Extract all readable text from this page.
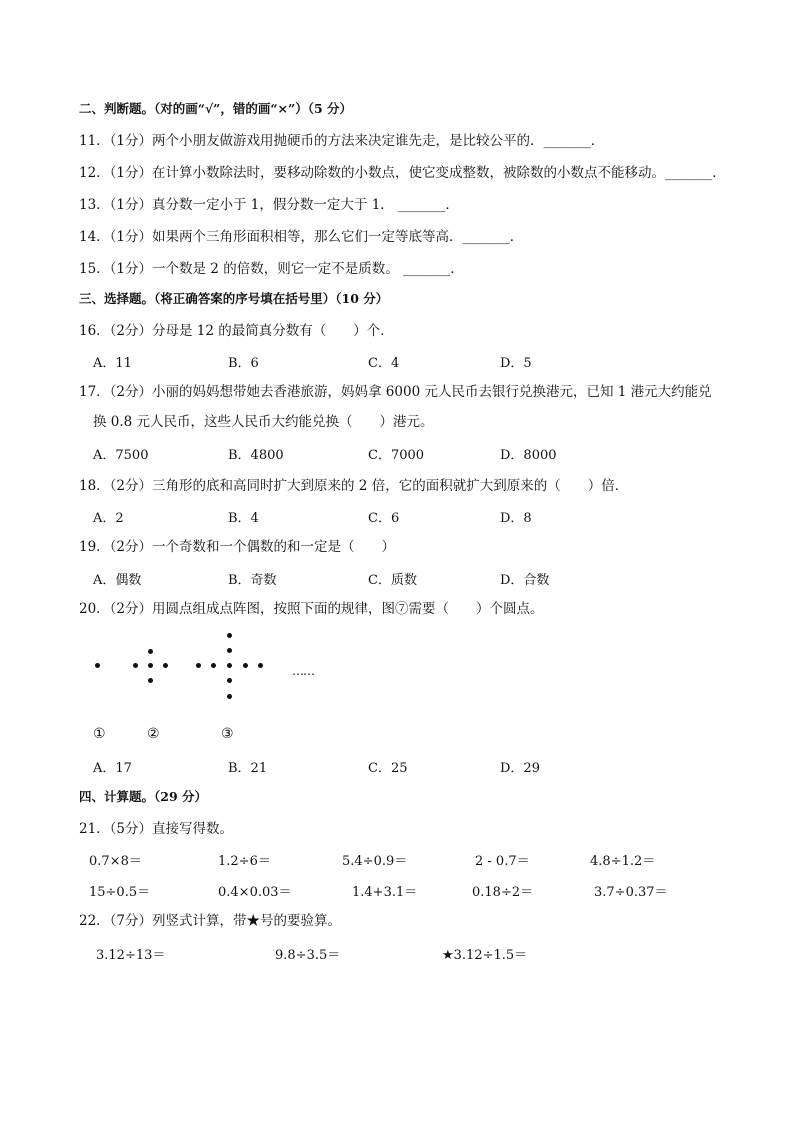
二、判断题。（对的画“√”，错的画“×”）（5 分）
11．（1分）两个小朋友做游戏用抛硬币的方法来决定谁先走，是比较公平的．_______．
12．（1分）在计算小数除法时，要移动除数的小数点，使它变成整数，被除数的小数点不能移动。_______．
13．（1分）真分数一定小于 1，假分数一定大于 1． _______．
14．（1分）如果两个三角形面积相等，那么它们一定等底等高．_______．
15．（1分）一个数是 2 的倍数，则它一定不是质数。 _______．
三、选择题。（将正确答案的序号填在括号里）（10 分）
16．（2分）分母是 12 的最简真分数有（　　）个．
A．11	B．6	C．4	D．5
17．（2分）小丽的妈妈想带她去香港旅游，妈妈拿 6000 元人民币去银行兑换港元，已知 1 港元大约能兑
换 0.8 元人民币，这些人民币大约能兑换（　　）港元。
A．7500	B．4800	C．7000	D．8000
18．（2分）三角形的底和高同时扩大到原来的 2 倍，它的面积就扩大到原来的（　　）倍．
A．2	B．4	C．6	D．8
19．（2分）一个奇数和一个偶数的和一定是（　　）
A．偶数	B．奇数	C．质数	D．合数
20．（2分）用圆点组成点阵图，按照下面的规律，图⑦需要（　　）个圆点。
……
①	②	③
A．17	B．21	C．25	D．29
四、计算题。（29 分）
21．（5分）直接写得数。
0.7×8＝	1.2÷6＝	5.4÷0.9＝	2 - 0.7＝	4.8÷1.2＝
15÷0.5＝	0.4×0.03＝	1.4+3.1＝	0.18÷2＝	3.7÷0.37＝
22．（7分）列竖式计算，带★号的要验算。
3.12÷13＝	9.8÷3.5＝	★3.12÷1.5＝
